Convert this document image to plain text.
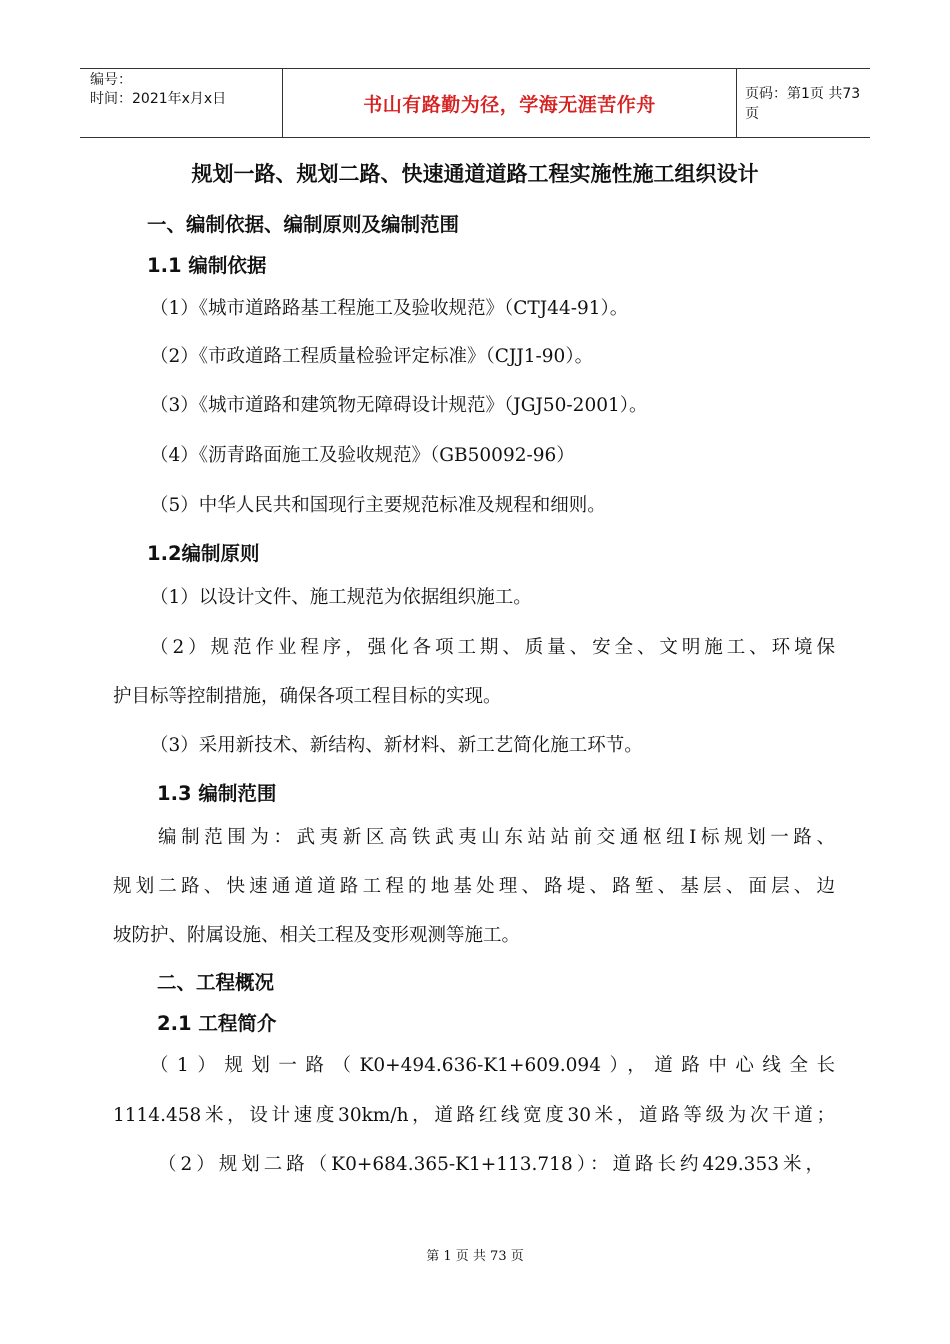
编号：
时间：2021年x月x日	书山有路勤为径，学海无涯苦作舟	页码：第1页 共73页
规划一路、规划二路、快速通道道路工程实施性施工组织设计
一、编制依据、编制原则及编制范围
1.1 编制依据
（1）《城市道路路基工程施工及验收规范》（CTJ44-91）。
（2）《市政道路工程质量检验评定标准》（CJJ1-90）。
（3）《城市道路和建筑物无障碍设计规范》（JGJ50-2001）。
（4）《沥青路面施工及验收规范》（GB50092-96）
（5）中华人民共和国现行主要规范标准及规程和细则。
1.2编制原则
（1）以设计文件、施工规范为依据组织施工。
（2）规范作业程序，强化各项工期、质量、安全、文明施工、环境保
护目标等控制措施，确保各项工程目标的实现。
（3）采用新技术、新结构、新材料、新工艺简化施工环节。
1.3 编制范围
编制范围为：武夷新区高铁武夷山东站站前交通枢纽Ⅰ标规划一路、
规划二路、快速通道道路工程的地基处理、路堤、路堑、基层、面层、边
坡防护、附属设施、相关工程及变形观测等施工。
二、工程概况
2.1 工程简介
（1）规划一路（K0+494.636-K1+609.094），道路中心线全长
1114.458米，设计速度30km/h，道路红线宽度30米，道路等级为次干道；
（2）规划二路（K0+684.365-K1+113.718）：道路长约429.353米，
第 1 页 共 73 页
